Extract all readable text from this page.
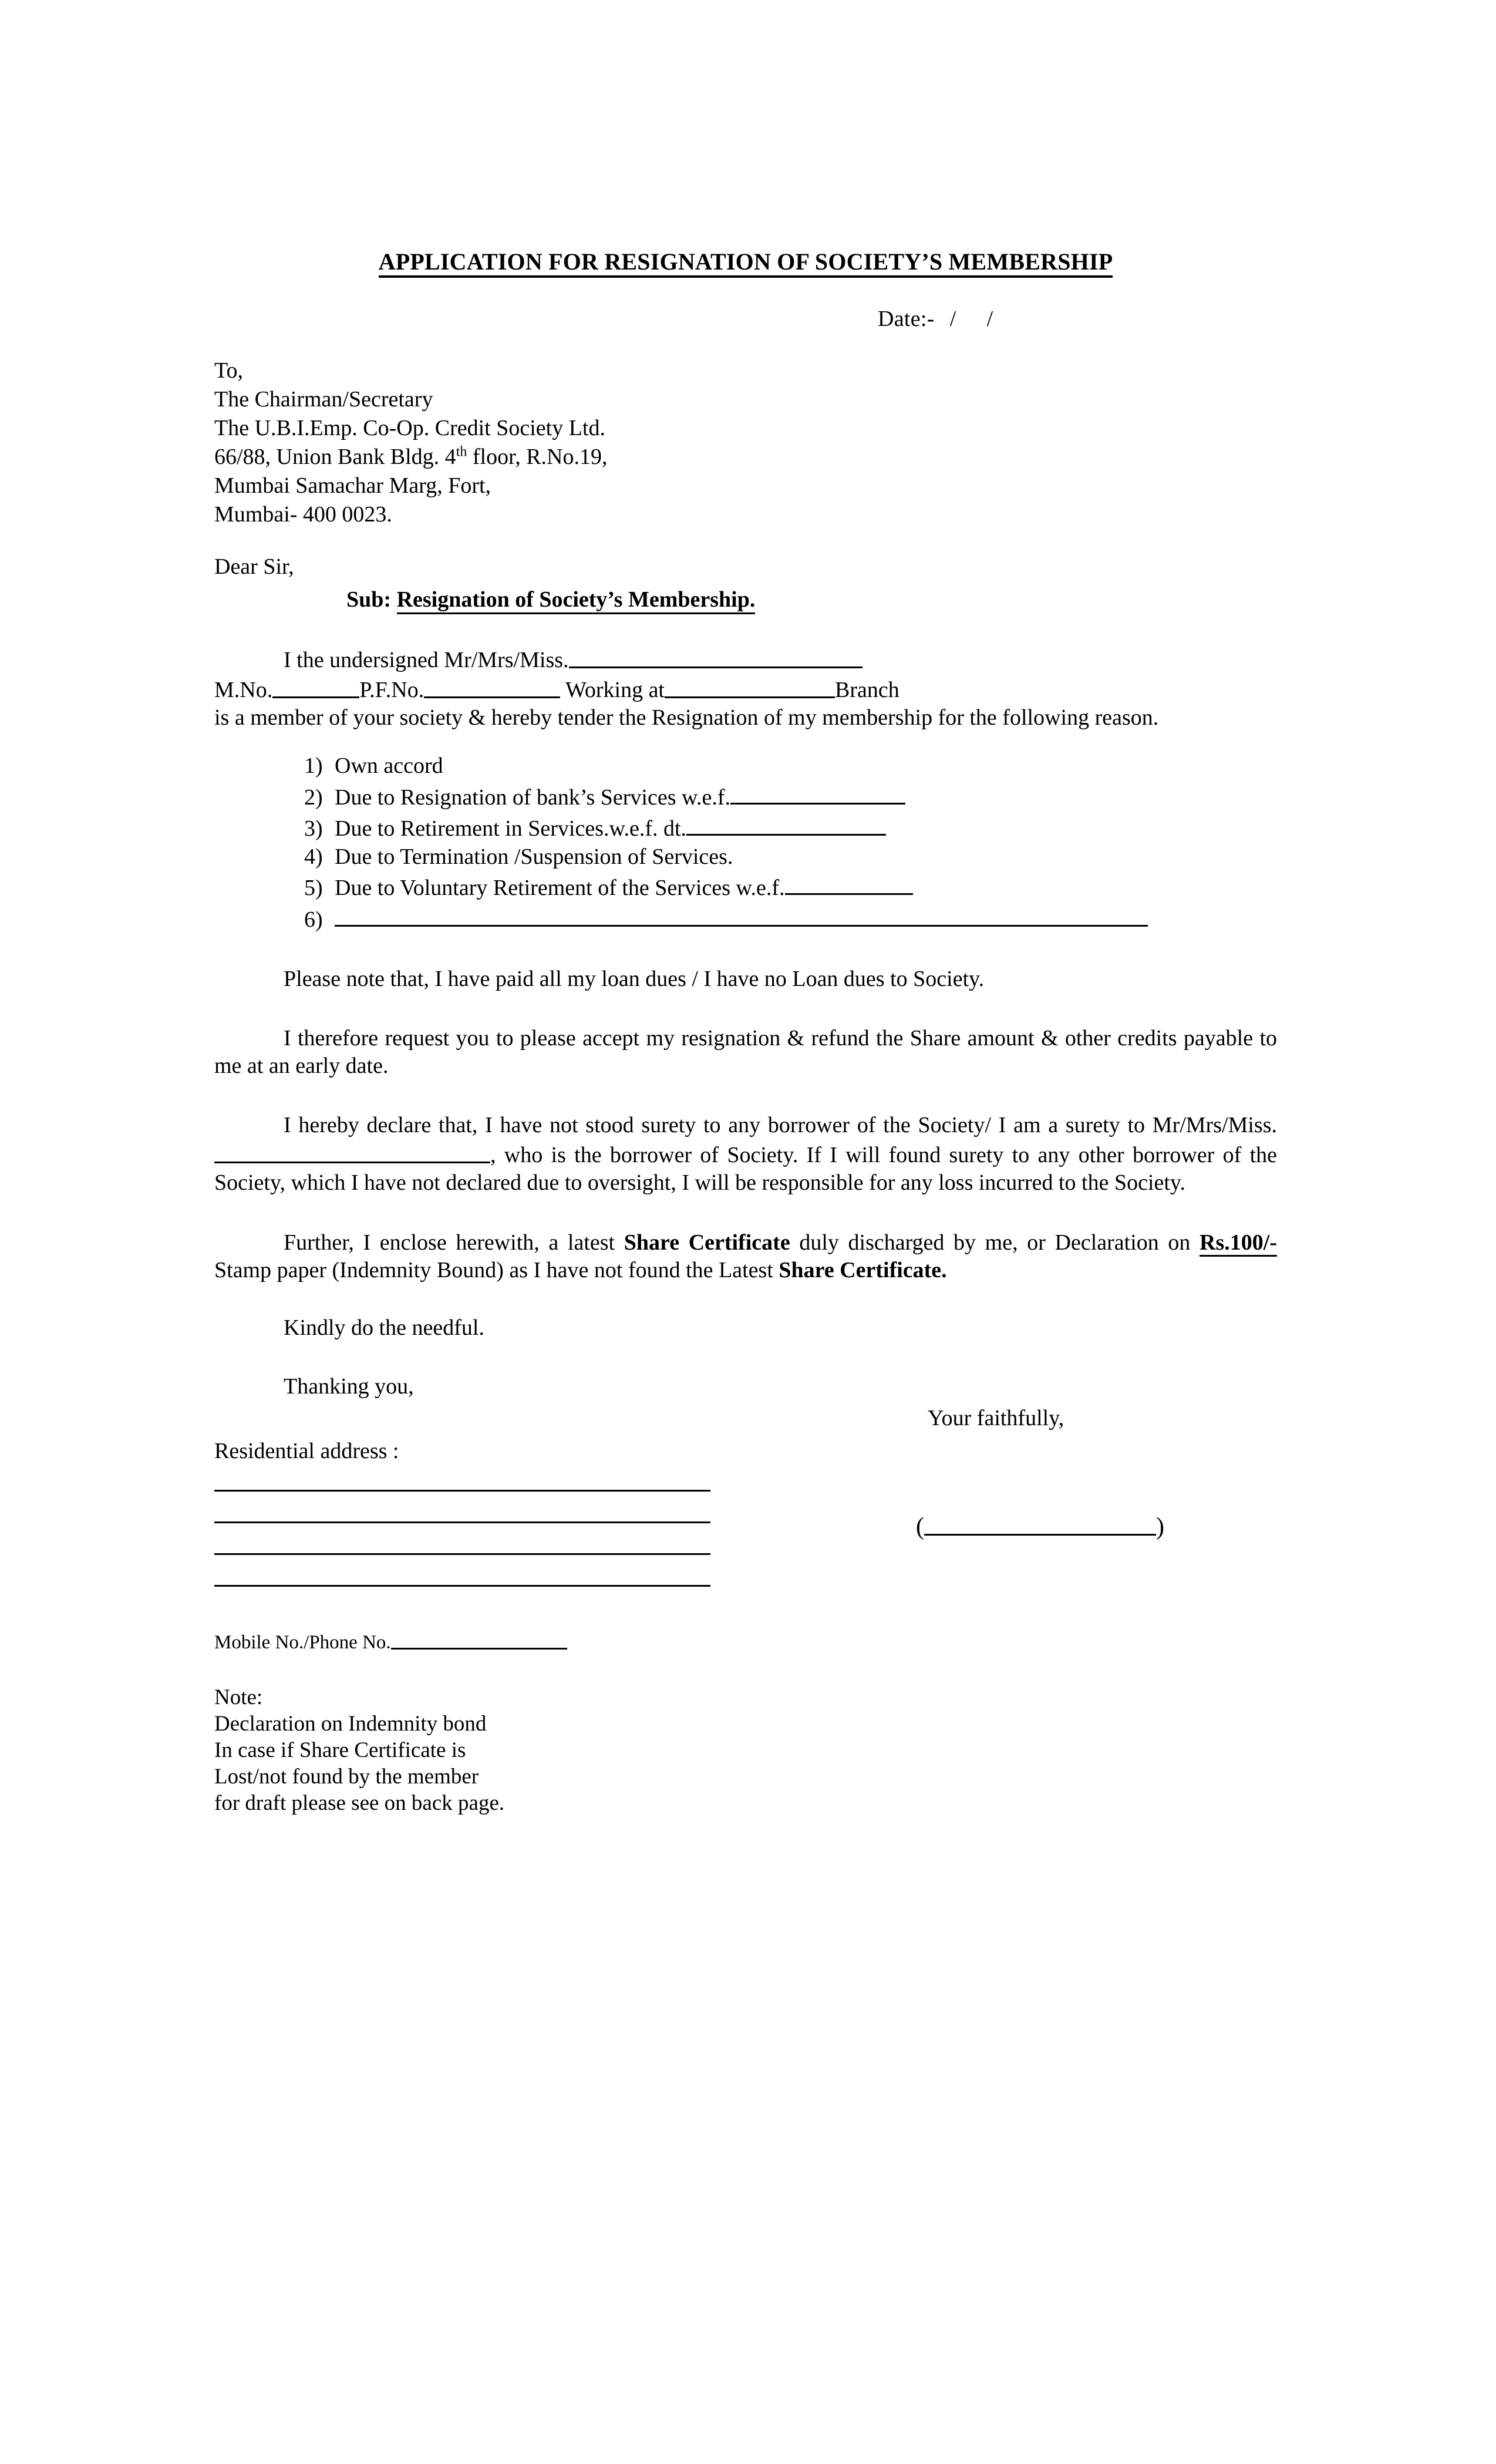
APPLICATION FOR RESIGNATION OF SOCIETY’S MEMBERSHIP
Date:- / /
To,
The Chairman/Secretary
The U.B.I.Emp. Co-Op. Credit Society Ltd.
66/88, Union Bank Bldg. 4th floor, R.No.19,
Mumbai Samachar Marg, Fort,
Mumbai- 400 0023.
Dear Sir,
Sub: Resignation of Society’s Membership.
I the undersigned Mr/Mrs/Miss.
M.No.	P.F.No.	Working at	Branch
is a member of your society & hereby tender the Resignation of my membership for the following reason.
1) Own accord
2) Due to Resignation of bank’s Services w.e.f.
3) Due to Retirement in Services.w.e.f. dt.
4) Due to Termination /Suspension of Services.
5) Due to Voluntary Retirement of the Services w.e.f.
6)
Please note that, I have paid all my loan dues / I have no Loan dues to Society.
I therefore request you to please accept my resignation & refund the Share amount & other credits payable to me at an early date.
I hereby declare that, I have not stood surety to any borrower of the Society/ I am a surety to Mr/Mrs/Miss., who is the borrower of Society. If I will found surety to any other borrower of the Society, which I have not declared due to oversight, I will be responsible for any loss incurred to the Society.
Further, I enclose herewith, a latest Share Certificate duly discharged by me, or Declaration on Rs.100/- Stamp paper (Indemnity Bound) as I have not found the Latest Share Certificate.
Kindly do the needful.
Thanking you,
Your faithfully,
Residential address :
(	)
Mobile No./Phone No.
Note:
Declaration on Indemnity bond
In case if Share Certificate is
Lost/not found by the member
for draft please see on back page.
